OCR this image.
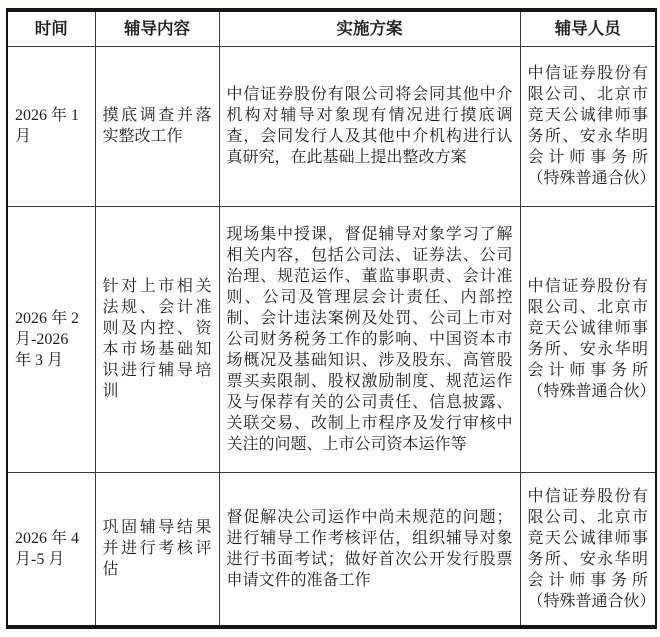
时间	辅导内容	实施方案	辅导人员
2026 年 1 月	摸底调查并落实整改工作	中信证券股份有限公司将会同其他中介机构对辅导对象现有情况进行摸底调查，会同发行人及其他中介机构进行认真研究，在此基础上提出整改方案	中信证券股份有限公司、北京市竞天公诚律师事务所、安永华明会计师事务所（特殊普通合伙）
2026 年 2 月-2026 年 3 月	针对上市相关法规、会计准则及内控、资本市场基础知识进行辅导培训	现场集中授课，督促辅导对象学习了解相关内容，包括公司法、证券法、公司治理、规范运作、董监事职责、会计准则、公司及管理层会计责任、内部控制、会计违法案例及处罚、公司上市对公司财务税务工作的影响、中国资本市场概况及基础知识、涉及股东、高管股票买卖限制、股权激励制度、规范运作及与保荐有关的公司责任、信息披露、关联交易、改制上市程序及发行审核中关注的问题、上市公司资本运作等	中信证券股份有限公司、北京市竞天公诚律师事务所、安永华明会计师事务所（特殊普通合伙）
2026 年 4 月-5 月	巩固辅导结果并进行考核评估	督促解决公司运作中尚未规范的问题；进行辅导工作考核评估，组织辅导对象进行书面考试；做好首次公开发行股票申请文件的准备工作	中信证券股份有限公司、北京市竞天公诚律师事务所、安永华明会计师事务所（特殊普通合伙）
